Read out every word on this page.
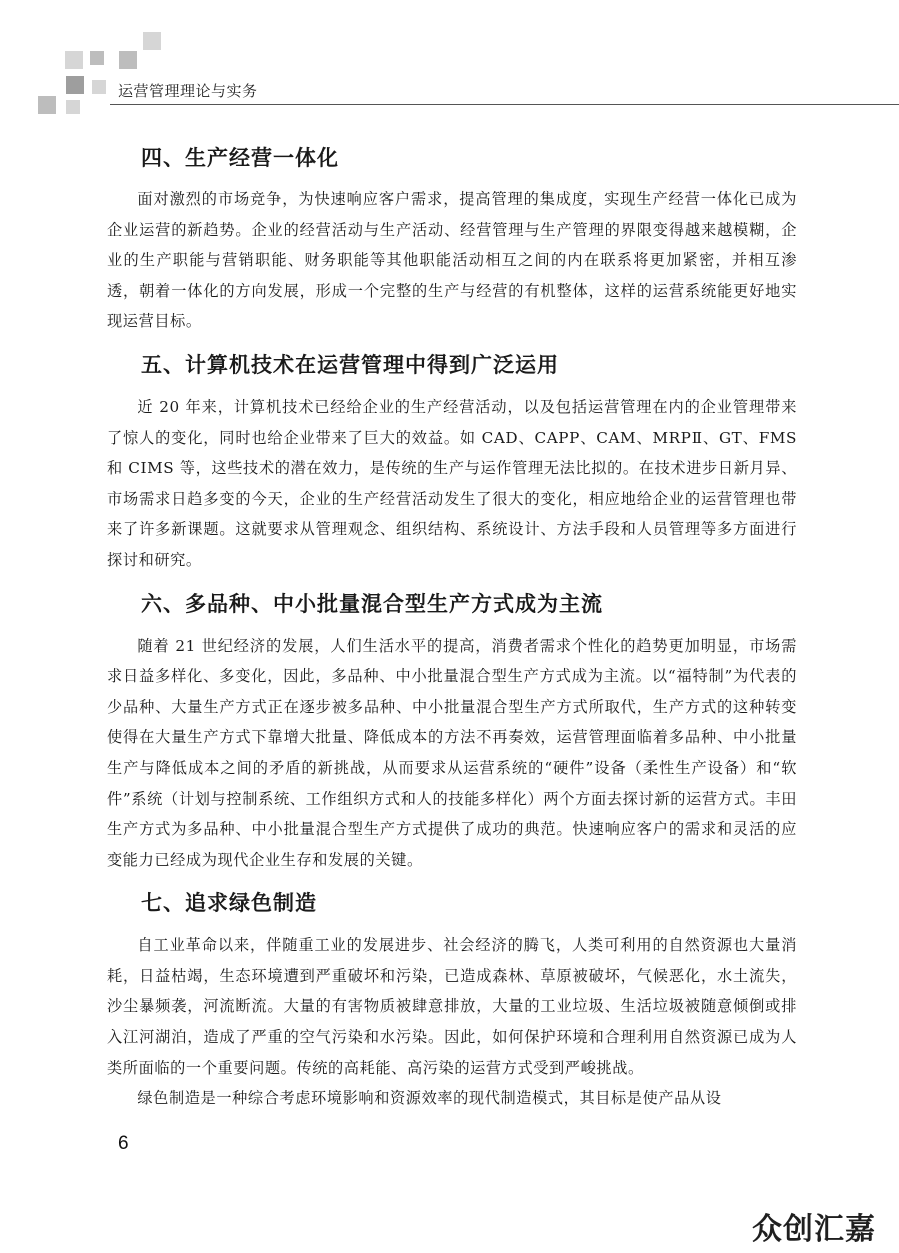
运营管理理论与实务
四、生产经营一体化

面对激烈的市场竞争，为快速响应客户需求，提高管理的集成度，实现生产经营一体化已成为企业运营的新趋势。企业的经营活动与生产活动、经营管理与生产管理的界限变得越来越模糊，企业的生产职能与营销职能、财务职能等其他职能活动相互之间的内在联系将更加紧密，并相互渗透，朝着一体化的方向发展，形成一个完整的生产与经营的有机整体，这样的运营系统能更好地实现运营目标。

五、计算机技术在运营管理中得到广泛运用

近 20 年来，计算机技术已经给企业的生产经营活动，以及包括运营管理在内的企业管理带来了惊人的变化，同时也给企业带来了巨大的效益。如 CAD、CAPP、CAM、MRPⅡ、GT、FMS 和 CIMS 等，这些技术的潜在效力，是传统的生产与运作管理无法比拟的。在技术进步日新月异、市场需求日趋多变的今天，企业的生产经营活动发生了很大的变化，相应地给企业的运营管理也带来了许多新课题。这就要求从管理观念、组织结构、系统设计、方法手段和人员管理等多方面进行探讨和研究。

六、多品种、中小批量混合型生产方式成为主流

随着 21 世纪经济的发展，人们生活水平的提高，消费者需求个性化的趋势更加明显，市场需求日益多样化、多变化，因此，多品种、中小批量混合型生产方式成为主流。以“福特制”为代表的少品种、大量生产方式正在逐步被多品种、中小批量混合型生产方式所取代，生产方式的这种转变使得在大量生产方式下靠增大批量、降低成本的方法不再奏效，运营管理面临着多品种、中小批量生产与降低成本之间的矛盾的新挑战，从而要求从运营系统的“硬件”设备（柔性生产设备）和“软件”系统（计划与控制系统、工作组织方式和人的技能多样化）两个方面去探讨新的运营方式。丰田生产方式为多品种、中小批量混合型生产方式提供了成功的典范。快速响应客户的需求和灵活的应变能力已经成为现代企业生存和发展的关键。

七、追求绿色制造

自工业革命以来，伴随重工业的发展进步、社会经济的腾飞，人类可利用的自然资源也大量消耗，日益枯竭，生态环境遭到严重破坏和污染，已造成森林、草原被破坏，气候恶化，水土流失，沙尘暴频袭，河流断流。大量的有害物质被肆意排放，大量的工业垃圾、生活垃圾被随意倾倒或排入江河湖泊，造成了严重的空气污染和水污染。因此，如何保护环境和合理利用自然资源已成为人类所面临的一个重要问题。传统的高耗能、高污染的运营方式受到严峻挑战。

绿色制造是一种综合考虑环境影响和资源效率的现代制造模式，其目标是使产品从设

6
众创汇嘉
